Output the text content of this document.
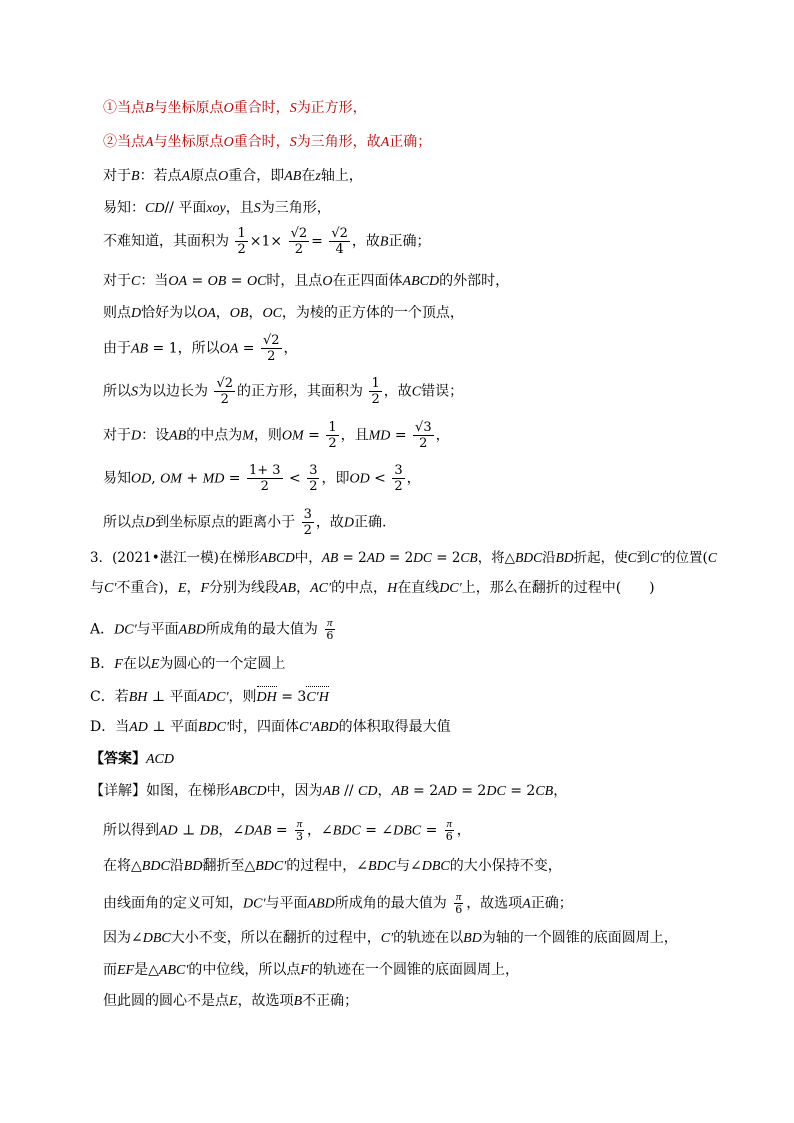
①当点B与坐标原点O重合时，S为正方形，
②当点A与坐标原点O重合时，S为三角形，故A正确；
对于B：若点A原点O重合，即AB在z轴上，
易知：CD// 平面xoy，且S为三角形，
不难知道，其面积为 $\frac{1}{2} \times 1\times \frac{√2}{2} = \frac{√2}{4}$ ，故B正确；
对于C：当OA = OB = OC时，且点O在正四面体ABCD的外部时，
则点D恰好为以OA，OB，OC，为棱的正方体的一个顶点，
由于AB = 1，所以OA = $\frac{√2}{2}$ ，
所以S为以边长为 $\frac{√2}{2}$ 的正方形，其面积为 $\frac{1}{2}$ ，故C错误；
对于D：设AB的中点为M，则OM = $\frac{1}{2}$ ，且MD = $\frac{√3}{2}$ ，
易知OD, OM + MD = $\frac{1+ 3}{2} < \frac{3}{2}$ ，即OD < $\frac{3}{2}$ ，
所以点D到坐标原点的距离小于 $\frac{3}{2}$ ，故D正确.
3．(2021•湛江一模)在梯形ABCD中，AB = 2AD = 2DC = 2CB，将△BDC沿BD折起，使C到C′的位置(C
与C′不重合)，E，F分别为线段AB，AC′的中点，H在直线DC′上，那么在翻折的过程中(　　)
A．DC′与平面ABD所成角的最大值为 $\frac{\pi}{6}$
B．F在以E为圆心的一个定圆上
C．若BH ⊥ 平面ADC′，则DH = 3C′H
D．当AD ⊥ 平面BDC′时，四面体C′ABD的体积取得最大值
【答案】ACD
【详解】如图，在梯形ABCD中，因为AB // CD，AB = 2AD = 2DC = 2CB，
所以得到AD ⊥ DB，∠DAB = $\frac{\pi}{3}$ ，∠BDC = ∠DBC = $\frac{\pi}{6}$ ，
在将△BDC沿BD翻折至△BDC′的过程中，∠BDC与∠DBC的大小保持不变，
由线面角的定义可知，DC′与平面ABD所成角的最大值为 $\frac{\pi}{6}$ ，故选项A正确；
因为∠DBC大小不变，所以在翻折的过程中，C′的轨迹在以BD为轴的一个圆锥的底面圆周上，
而EF是△ABC′的中位线，所以点F的轨迹在一个圆锥的底面圆周上，
但此圆的圆心不是点E，故选项B不正确；
